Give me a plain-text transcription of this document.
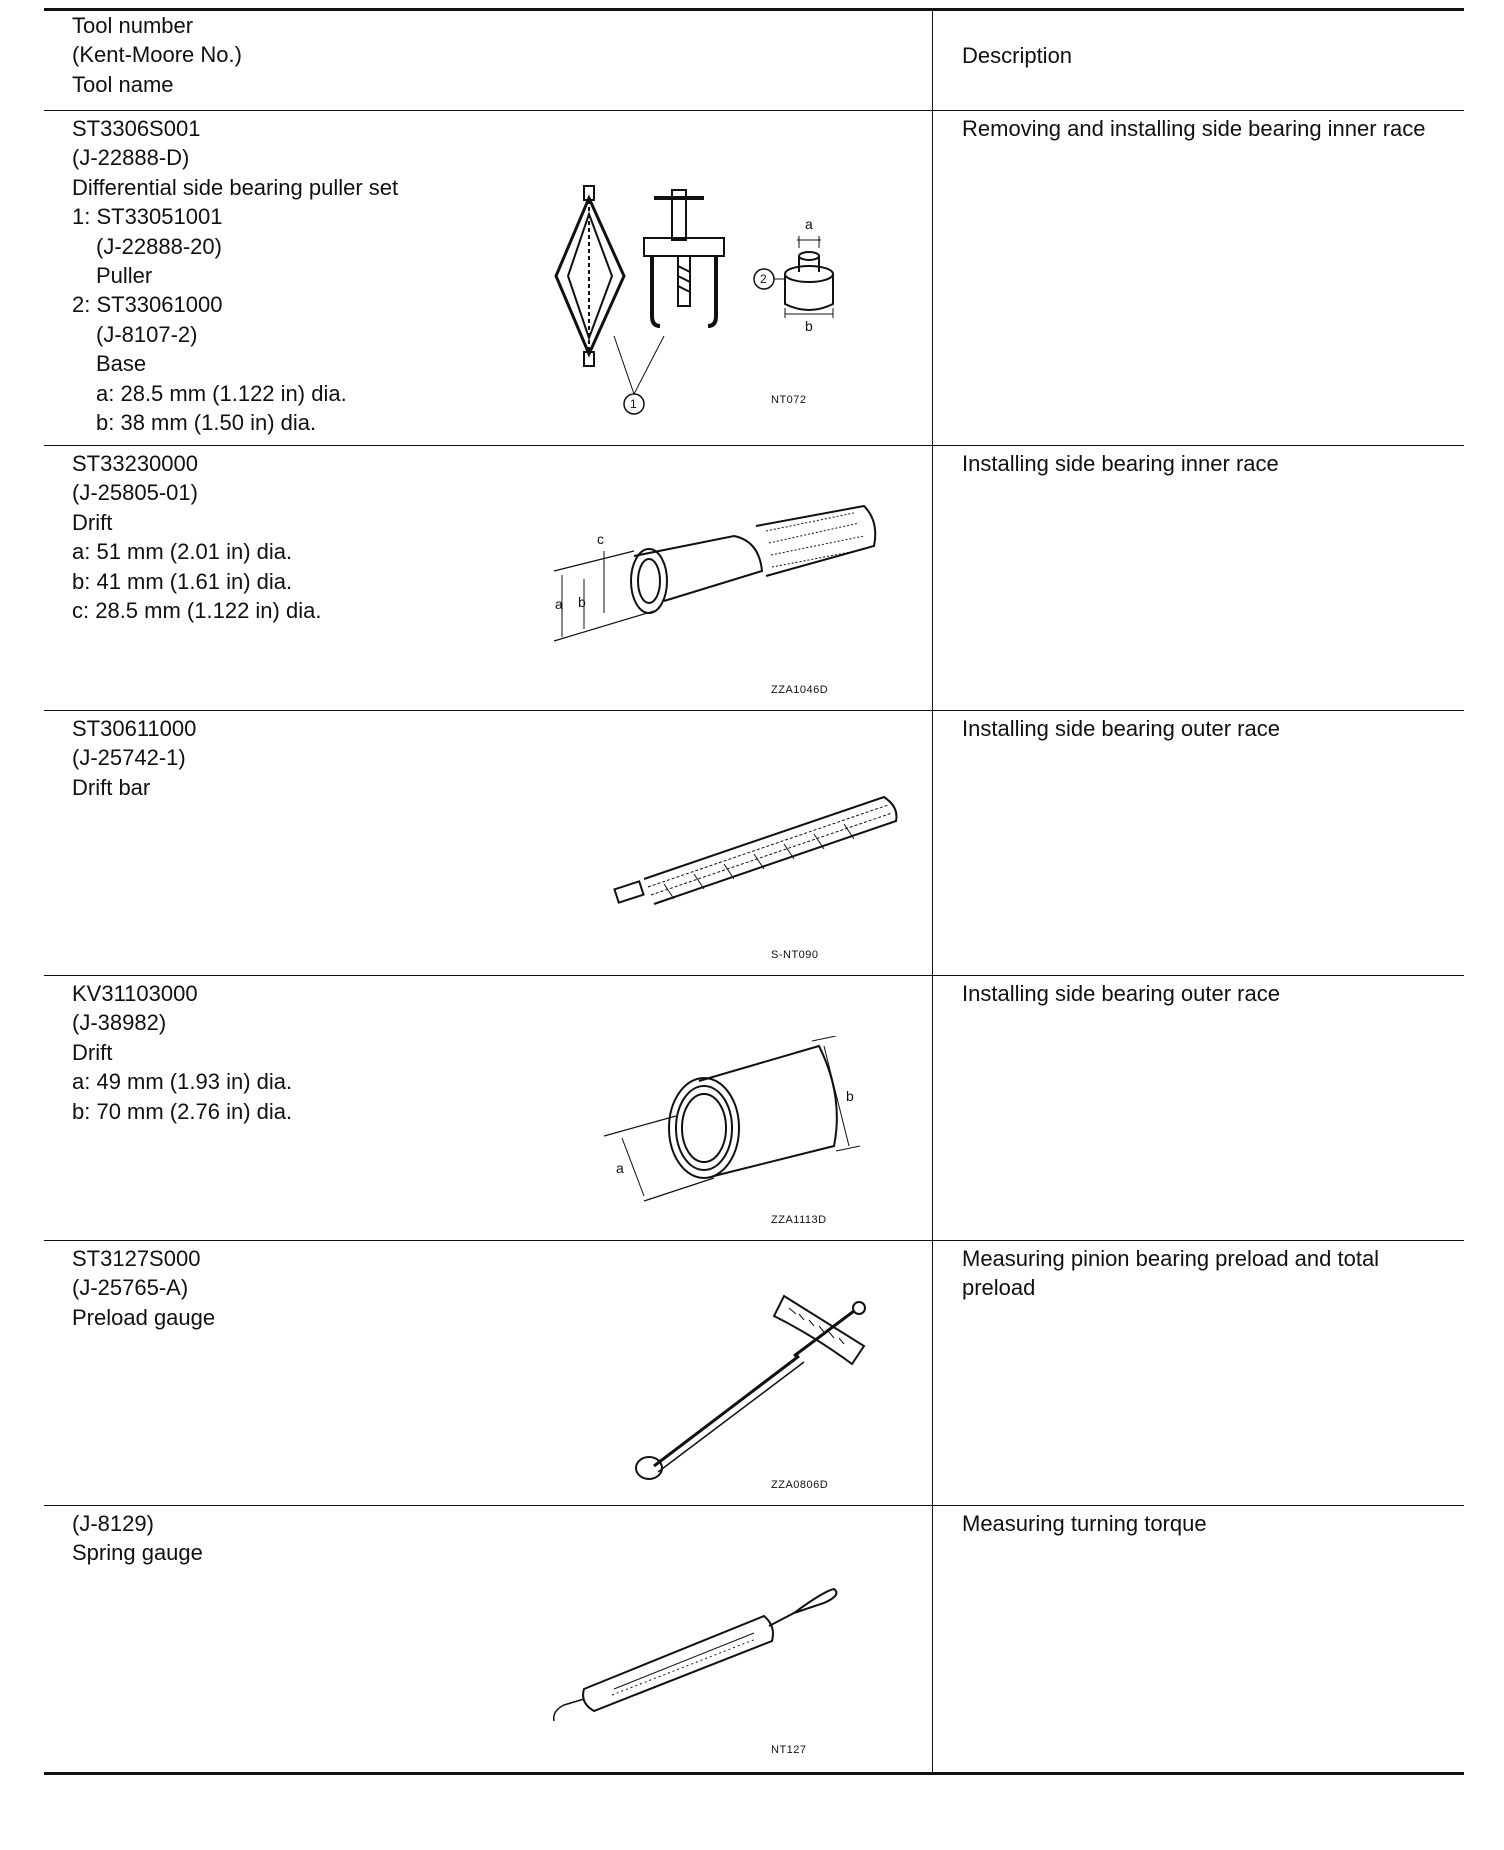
Tool number
(Kent-Moore No.)
Tool name
Description
ST3306S001
(J-22888-D)
Differential side bearing puller set
1: ST33051001
(J-22888-20)
Puller
2: ST33061000
(J-8107-2)
Base
a: 28.5 mm (1.122 in) dia.
b: 38 mm (1.50 in) dia.
Removing and installing side bearing inner race
a
b
1
2
NT072
ST33230000
(J-25805-01)
Drift
a: 51 mm (2.01 in) dia.
b: 41 mm (1.61 in) dia.
c: 28.5 mm (1.122 in) dia.
Installing side bearing inner race
a b
c
ZZA1046D
ST30611000
(J-25742-1)
Drift bar
Installing side bearing outer race
S-NT090
KV31103000
(J-38982)
Drift
a: 49 mm (1.93 in) dia.
b: 70 mm (2.76 in) dia.
Installing side bearing outer race
a
b
ZZA1113D
ST3127S000
(J-25765-A)
Preload gauge
Measuring pinion bearing preload and total preload
ZZA0806D
(J-8129)
Spring gauge
Measuring turning torque
NT127
